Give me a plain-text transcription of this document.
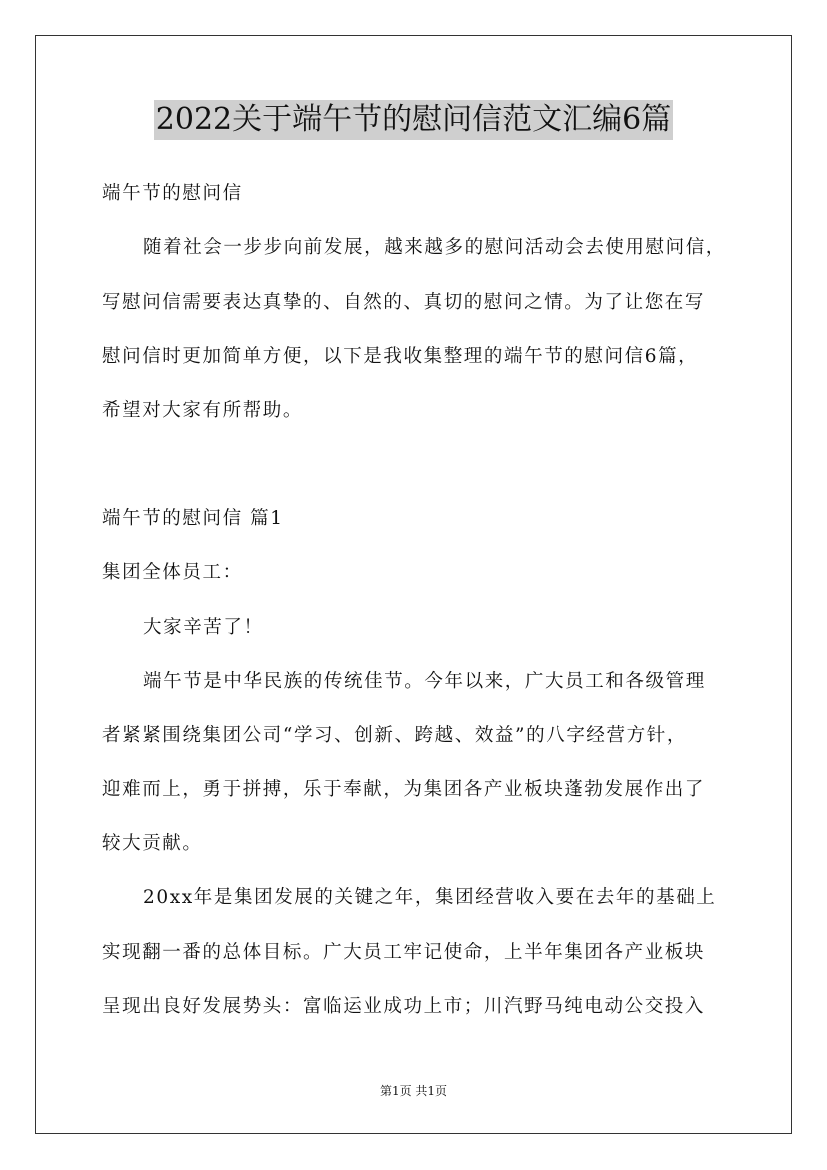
2022关于端午节的慰问信范文汇编6篇
端午节的慰问信
随着社会一步步向前发展，越来越多的慰问活动会去使用慰问信，
写慰问信需要表达真挚的、自然的、真切的慰问之情。为了让您在写
慰问信时更加简单方便，以下是我收集整理的端午节的慰问信6篇，
希望对大家有所帮助。
端午节的慰问信 篇1
集团全体员工：
大家辛苦了！
端午节是中华民族的传统佳节。今年以来，广大员工和各级管理
者紧紧围绕集团公司“学习、创新、跨越、效益”的八字经营方针，
迎难而上，勇于拼搏，乐于奉献，为集团各产业板块蓬勃发展作出了
较大贡献。
20xx年是集团发展的关键之年，集团经营收入要在去年的基础上
实现翻一番的总体目标。广大员工牢记使命，上半年集团各产业板块
呈现出良好发展势头：富临运业成功上市；川汽野马纯电动公交投入
第1页 共1页
